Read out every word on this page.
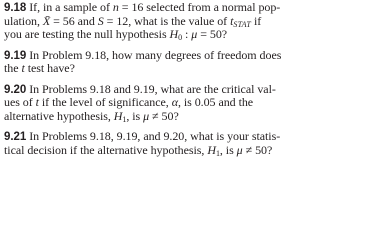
9.18 If, in a sample of n = 16 selected from a normal pop-
ulation, X̄ = 56 and S = 12, what is the value of $t_{STAT}$ if
you are testing the null hypothesis $H_0$ : μ = 50?
9.19 In Problem 9.18, how many degrees of freedom does
the t test have?
9.20 In Problems 9.18 and 9.19, what are the critical val-
ues of t if the level of significance, α, is 0.05 and the
alternative hypothesis, $H_1$, is μ ≠ 50?
9.21 In Problems 9.18, 9.19, and 9.20, what is your statis-
tical decision if the alternative hypothesis, $H_1$, is μ ≠ 50?
